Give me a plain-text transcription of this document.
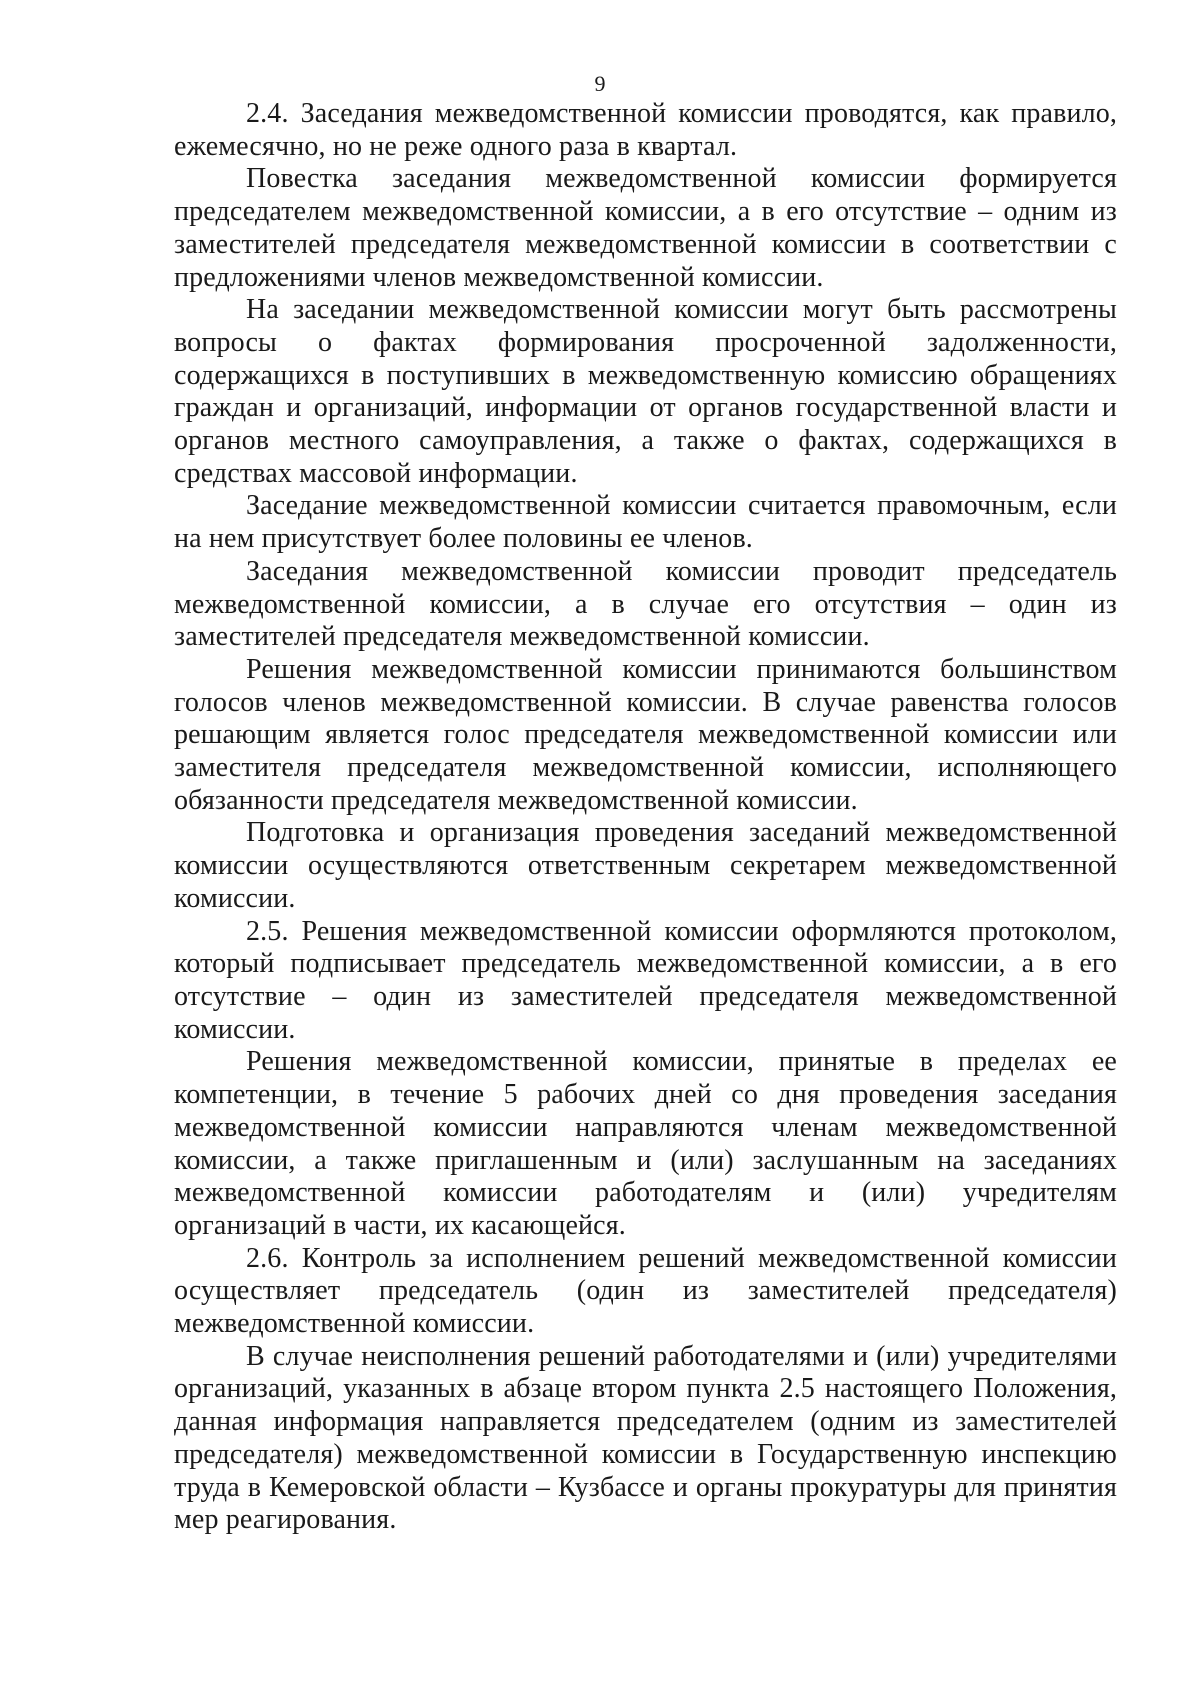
9

2.4. Заседания межведомственной комиссии проводятся, как правило, ежемесячно, но не реже одного раза в квартал.

Повестка заседания межведомственной комиссии формируется председателем межведомственной комиссии, а в его отсутствие – одним из заместителей председателя межведомственной комиссии в соответствии с предложениями членов межведомственной комиссии.

На заседании межведомственной комиссии могут быть рассмотрены вопросы о фактах формирования просроченной задолженности, содержащихся в поступивших в межведомственную комиссию обращениях граждан и организаций, информации от органов государственной власти и органов местного самоуправления, а также о фактах, содержащихся в средствах массовой информации.

Заседание межведомственной комиссии считается правомочным, если на нем присутствует более половины ее членов.

Заседания межведомственной комиссии проводит председатель межведомственной комиссии, а в случае его отсутствия – один из заместителей председателя межведомственной комиссии.

Решения межведомственной комиссии принимаются большинством голосов членов межведомственной комиссии. В случае равенства голосов решающим является голос председателя межведомственной комиссии или заместителя председателя межведомственной комиссии, исполняющего обязанности председателя межведомственной комиссии.

Подготовка и организация проведения заседаний межведомственной комиссии осуществляются ответственным секретарем межведомственной комиссии.

2.5. Решения межведомственной комиссии оформляются протоколом, который подписывает председатель межведомственной комиссии, а в его отсутствие – один из заместителей председателя межведомственной комиссии.

Решения межведомственной комиссии, принятые в пределах ее компетенции, в течение 5 рабочих дней со дня проведения заседания межведомственной комиссии направляются членам межведомственной комиссии, а также приглашенным и (или) заслушанным на заседаниях межведомственной комиссии работодателям и (или) учредителям организаций в части, их касающейся.

2.6. Контроль за исполнением решений межведомственной комиссии осуществляет председатель (один из заместителей председателя) межведомственной комиссии.

В случае неисполнения решений работодателями и (или) учредителями организаций, указанных в абзаце втором пункта 2.5 настоящего Положения, данная информация направляется председателем (одним из заместителей председателя) межведомственной комиссии в Государственную инспекцию труда в Кемеровской области – Кузбассе и органы прокуратуры для принятия мер реагирования.
